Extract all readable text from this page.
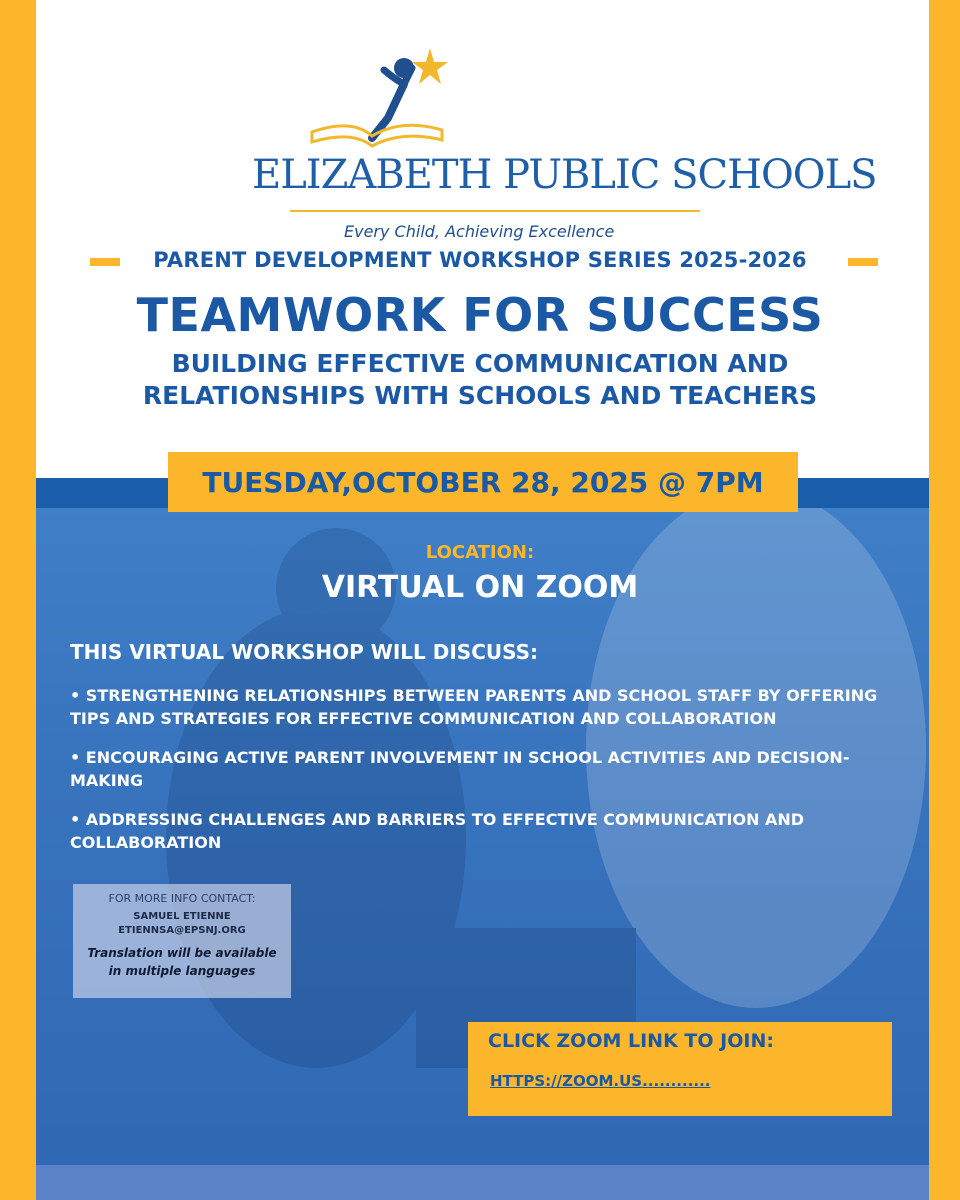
ELIZABETH PUBLIC SCHOOLS
Every Child, Achieving Excellence
PARENT DEVELOPMENT WORKSHOP SERIES 2025-2026
TEAMWORK FOR SUCCESS
BUILDING EFFECTIVE COMMUNICATION AND
RELATIONSHIPS WITH SCHOOLS AND TEACHERS
TUESDAY,OCTOBER 28, 2025 @ 7PM
LOCATION:
VIRTUAL ON ZOOM
THIS VIRTUAL WORKSHOP WILL DISCUSS:

• STRENGTHENING RELATIONSHIPS BETWEEN PARENTS AND SCHOOL STAFF BY OFFERING TIPS AND STRATEGIES FOR EFFECTIVE COMMUNICATION AND COLLABORATION

• ENCOURAGING ACTIVE PARENT INVOLVEMENT IN SCHOOL ACTIVITIES AND DECISION-MAKING

• ADDRESSING CHALLENGES AND BARRIERS TO EFFECTIVE COMMUNICATION AND COLLABORATION

FOR MORE INFO CONTACT:
SAMUEL ETIENNE
ETIENNSA@EPSNJ.ORG
Translation will be available
in multiple languages
CLICK ZOOM LINK TO JOIN:
HTTPS://ZOOM.US............
